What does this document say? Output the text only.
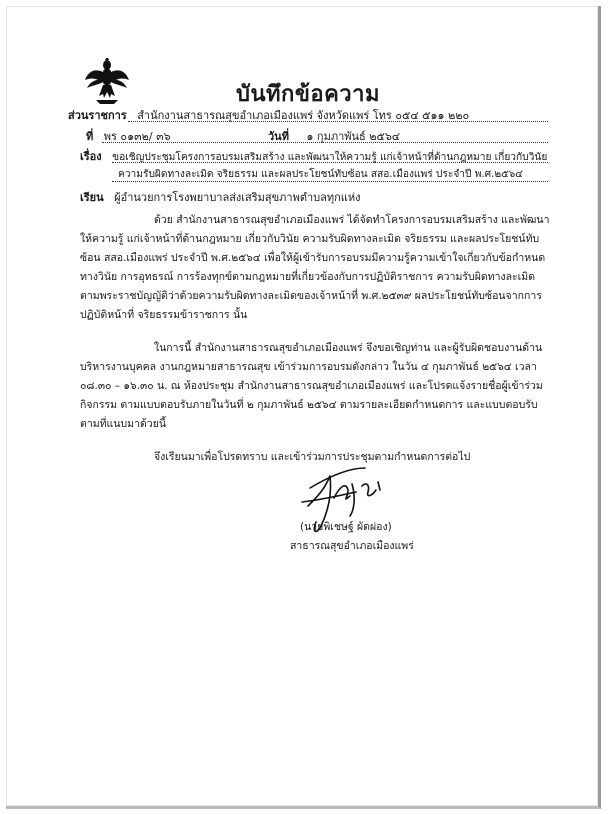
บันทึกข้อความ
ส่วนราชการ สำนักงานสาธารณสุขอำเภอเมืองแพร่ จังหวัดแพร่ โทร ๐๕๔ ๕๑๑ ๒๒๐
ที่ พร ๐๑๓๒/ ๓๖	วันที่ ๑ กุมภาพันธ์ ๒๕๖๔
เรื่อง ขอเชิญประชุมโครงการอบรมเสริมสร้าง และพัฒนาให้ความรู้ แก่เจ้าหน้าที่ด้านกฎหมาย เกี่ยวกับวินัย
ความรับผิดทางละเมิด จริยธรรม และผลประโยชน์ทับซ้อน สสอ.เมืองแพร่ ประจำปี พ.ศ.๒๕๖๔
เรียน ผู้อำนวยการโรงพยาบาลส่งเสริมสุขภาพตำบลทุกแห่ง
ด้วย สำนักงานสาธารณสุขอำเภอเมืองแพร่ ได้จัดทำโครงการอบรมเสริมสร้าง และพัฒนา
ให้ความรู้ แก่เจ้าหน้าที่ด้านกฎหมาย เกี่ยวกับวินัย ความรับผิดทางละเมิด จริยธรรม และผลประโยชน์ทับ
ซ้อน สสอ.เมืองแพร่ ประจำปี พ.ศ.๒๕๖๔ เพื่อให้ผู้เข้ารับการอบรมมีความรู้ความเข้าใจเกี่ยวกับข้อกำหนด
ทางวินัย การอุทธรณ์ การร้องทุกข์ตามกฎหมายที่เกี่ยวข้องกับการปฏิบัติราชการ ความรับผิดทางละเมิด
ตามพระราชบัญญัติว่าด้วยความรับผิดทางละเมิดของเจ้าหน้าที่ พ.ศ.๒๕๓๙ ผลประโยชน์ทับซ้อนจากการ
ปฏิบัติหน้าที่ จริยธรรมข้าราชการ นั้น
ในการนี้ สำนักงานสาธารณสุขอำเภอเมืองแพร่ จึงขอเชิญท่าน และผู้รับผิดชอบงานด้าน
บริหารงานบุคคล งานกฎหมายสาธารณสุข เข้าร่วมการอบรมดังกล่าว ในวัน ๔ กุมภาพันธ์ ๒๕๖๔ เวลา
๐๘.๓๐ – ๑๖.๓๐ น. ณ ห้องประชุม สำนักงานสาธารณสุขอำเภอเมืองแพร่ และโปรดแจ้งรายชื่อผู้เข้าร่วม
กิจกรรม ตามแบบตอบรับภายในวันที่ ๒ กุมภาพันธ์ ๒๕๖๔ ตามรายละเอียดกำหนดการ และแบบตอบรับ
ตามที่แนบมาด้วยนี้
จึงเรียนมาเพื่อโปรดทราบ และเข้าร่วมการประชุมตามกำหนดการต่อไป
(นายพิเชษฐ์ ผัดผ่อง)
สาธารณสุขอำเภอเมืองแพร่
